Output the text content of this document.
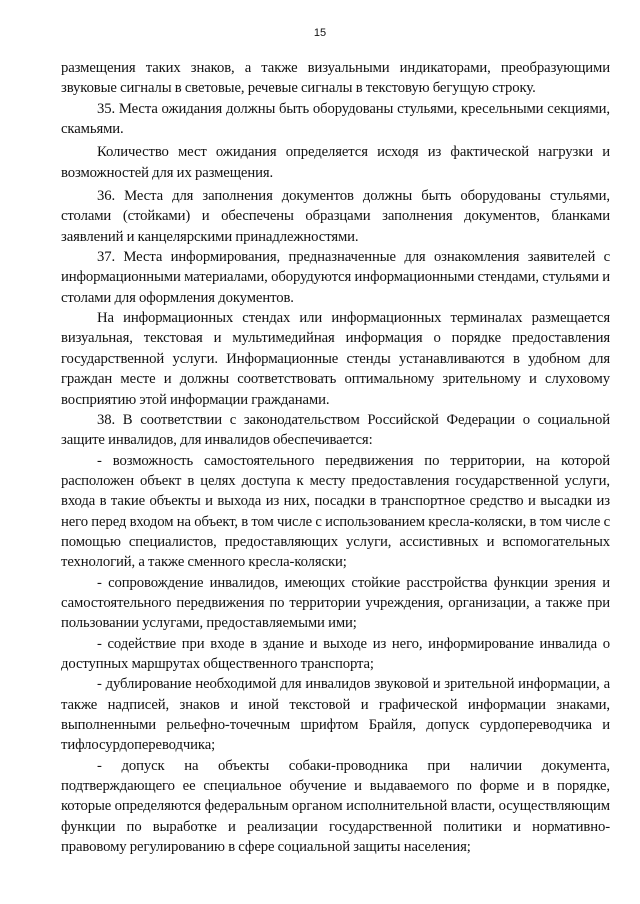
15

размещения таких знаков, а также визуальными индикаторами, преобразующими звуковые сигналы в световые, речевые сигналы в текстовую бегущую строку.

35. Места ожидания должны быть оборудованы стульями, кресельными секциями, скамьями.

Количество мест ожидания определяется исходя из фактической нагрузки и возможностей для их размещения.

36. Места для заполнения документов должны быть оборудованы стульями, столами (стойками) и обеспечены образцами заполнения документов, бланками заявлений и канцелярскими принадлежностями.

37. Места информирования, предназначенные для ознакомления заявителей с информационными материалами, оборудуются информационными стендами, стульями и столами для оформления документов.

На информационных стендах или информационных терминалах размещается визуальная, текстовая и мультимедийная информация о порядке предоставления государственной услуги. Информационные стенды устанавливаются в удобном для граждан месте и должны соответствовать оптимальному зрительному и слуховому восприятию этой информации гражданами.

38. В соответствии с законодательством Российской Федерации о социальной защите инвалидов, для инвалидов обеспечивается:

- возможность самостоятельного передвижения по территории, на которой расположен объект в целях доступа к месту предоставления государственной услуги, входа в такие объекты и выхода из них, посадки в транспортное средство и высадки из него перед входом на объект, в том числе с использованием кресла-коляски, в том числе с помощью специалистов, предоставляющих услуги, ассистивных и вспомогательных технологий, а также сменного кресла-коляски;

- сопровождение инвалидов, имеющих стойкие расстройства функции зрения и самостоятельного передвижения по территории учреждения, организации, а также при пользовании услугами, предоставляемыми ими;

- содействие при входе в здание и выходе из него, информирование инвалида о доступных маршрутах общественного транспорта;

- дублирование необходимой для инвалидов звуковой и зрительной информации, а также надписей, знаков и иной текстовой и графической информации знаками, выполненными рельефно-точечным шрифтом Брайля, допуск сурдопереводчика и тифлосурдопереводчика;

- допуск на объекты собаки-проводника при наличии документа, подтверждающего ее специальное обучение и выдаваемого по форме и в порядке, которые определяются федеральным органом исполнительной власти, осуществляющим функции по выработке и реализации государственной политики и нормативно-правовому регулированию в сфере социальной защиты населения;
